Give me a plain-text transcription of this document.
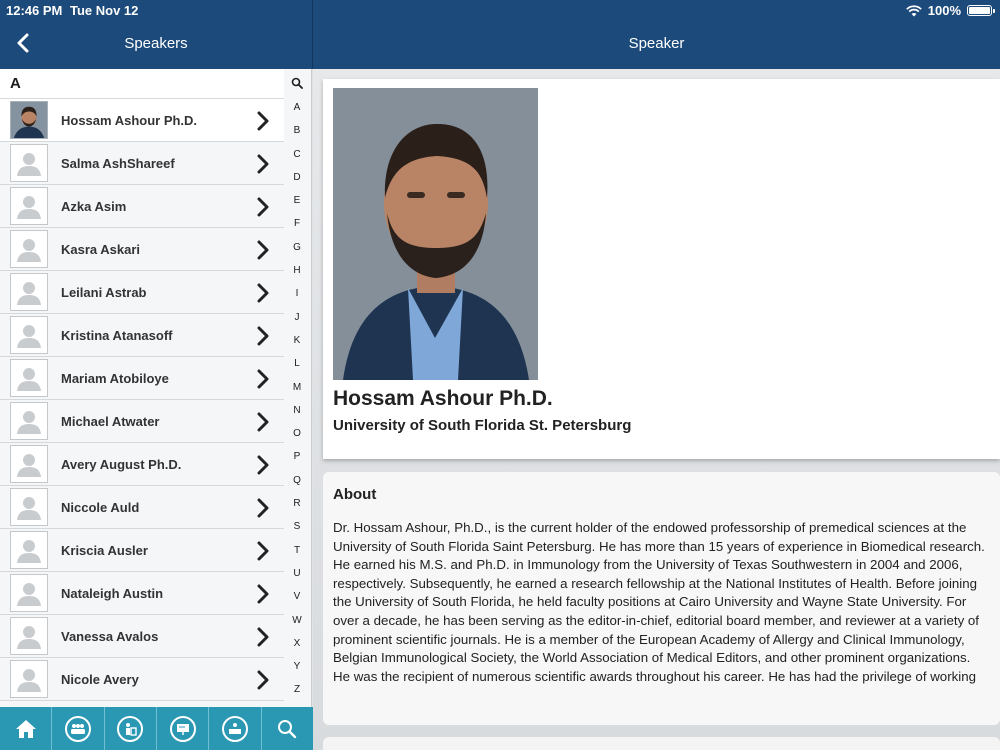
12:46 PM Tue Nov 12	100%
Speakers	Speaker
A
Hossam Ashour Ph.D.
Salma AshShareef
Azka Asim
Kasra Askari
Leilani Astrab
Kristina Atanasoff
Mariam Atobiloye
Michael Atwater
Avery August Ph.D.
Niccole Auld
Kriscia Ausler
Nataleigh Austin
Vanessa Avalos
Nicole Avery
A
B
C
D
E
F
G
H
I
J
K
L
M
N
O
P
Q
R
S
T
U
V
W
X
Y
Z
Hossam Ashour Ph.D.
University of South Florida St. Petersburg
About
Dr. Hossam Ashour, Ph.D., is the current holder of the endowed professorship of premedical sciences at the University of South Florida Saint Petersburg. He has more than 15 years of experience in Biomedical research. He earned his M.S. and Ph.D. in Immunology from the University of Texas Southwestern in 2004 and 2006, respectively. Subsequently, he earned a research fellowship at the National Institutes of Health. Before joining the University of South Florida, he held faculty positions at Cairo University and Wayne State University. For over a decade, he has been serving as the editor-in-chief, editorial board member, and reviewer at a variety of prominent scientific journals. He is a member of the European Academy of Allergy and Clinical Immunology, Belgian Immunological Society, the World Association of Medical Editors, and other prominent organizations. He was the recipient of numerous scientific awards throughout his career. He has had the privilege of working
